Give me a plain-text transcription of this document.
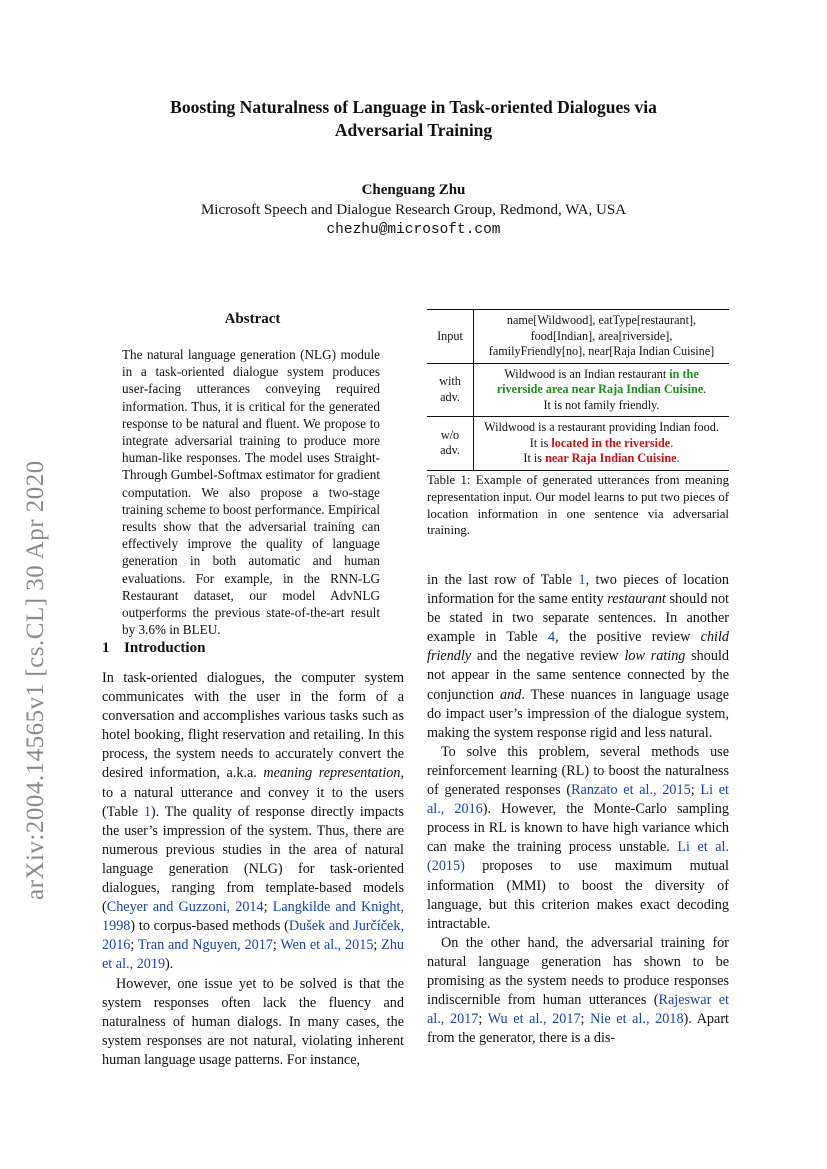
arXiv:2004.14565v1 [cs.CL] 30 Apr 2020
Boosting Naturalness of Language in Task-oriented Dialogues via
Adversarial Training
Chenguang Zhu
Microsoft Speech and Dialogue Research Group, Redmond, WA, USA
chezhu@microsoft.com
Abstract
The natural language generation (NLG) module in a task-oriented dialogue system produces user-facing utterances conveying required information. Thus, it is critical for the generated response to be natural and fluent. We propose to integrate adversarial training to produce more human-like responses. The model uses Straight-Through Gumbel-Softmax estimator for gradient computation. We also propose a two-stage training scheme to boost performance. Empirical results show that the adversarial training can effectively improve the quality of language generation in both automatic and human evaluations. For example, in the RNN-LG Restaurant dataset, our model AdvNLG outperforms the previous state-of-the-art result by 3.6% in BLEU.
Input
name[Wildwood], eatType[restaurant],
food[Indian], area[riverside],
familyFriendly[no], near[Raja Indian Cuisine]
with
adv.
Wildwood is an Indian restaurant in the
riverside area near Raja Indian Cuisine.
It is not family friendly.
w/o
adv.
Wildwood is a restaurant providing Indian food.
It is located in the riverside.
It is near Raja Indian Cuisine.
Table 1: Example of generated utterances from meaning representation input. Our model learns to put two pieces of location information in one sentence via adversarial training.
1 Introduction

In task-oriented dialogues, the computer system communicates with the user in the form of a conversation and accomplishes various tasks such as hotel booking, flight reservation and retailing. In this process, the system needs to accurately convert the desired information, a.k.a. meaning representation, to a natural utterance and convey it to the users (Table 1). The quality of response directly impacts the user’s impression of the system. Thus, there are numerous previous studies in the area of natural language generation (NLG) for task-oriented dialogues, ranging from template-based models (Cheyer and Guzzoni, 2014; Langkilde and Knight, 1998) to corpus-based methods (Dušek and Jurčíček, 2016; Tran and Nguyen, 2017; Wen et al., 2015; Zhu et al., 2019).

However, one issue yet to be solved is that the system responses often lack the fluency and naturalness of human dialogs. In many cases, the system responses are not natural, violating inherent human language usage patterns. For instance,

in the last row of Table 1, two pieces of location information for the same entity restaurant should not be stated in two separate sentences. In another example in Table 4, the positive review child friendly and the negative review low rating should not appear in the same sentence connected by the conjunction and. These nuances in language usage do impact user’s impression of the dialogue system, making the system response rigid and less natural.

To solve this problem, several methods use reinforcement learning (RL) to boost the naturalness of generated responses (Ranzato et al., 2015; Li et al., 2016). However, the Monte-Carlo sampling process in RL is known to have high variance which can make the training process unstable. Li et al. (2015) proposes to use maximum mutual information (MMI) to boost the diversity of language, but this criterion makes exact decoding intractable.

On the other hand, the adversarial training for natural language generation has shown to be promising as the system needs to produce responses indiscernible from human utterances (Rajeswar et al., 2017; Wu et al., 2017; Nie et al., 2018). Apart from the generator, there is a dis-
